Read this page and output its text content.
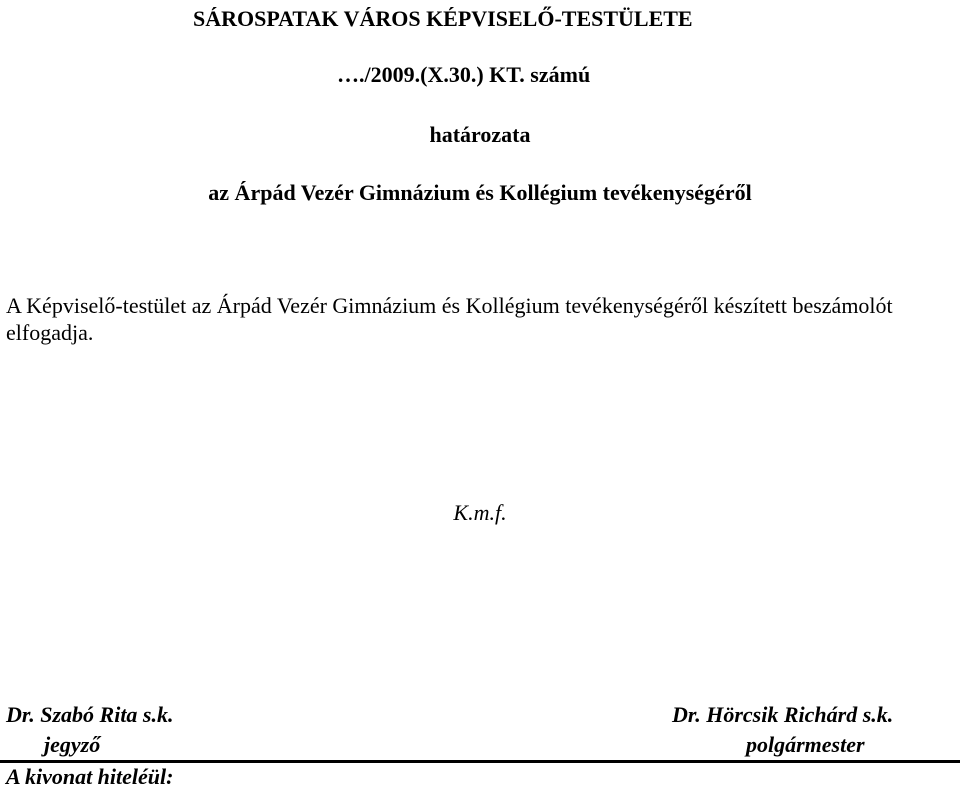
SÁROSPATAK VÁROS KÉPVISELŐ-TESTÜLETE
…./2009.(X.30.) KT. számú
határozata
az Árpád Vezér Gimnázium és Kollégium tevékenységéről
A Képviselő-testület az Árpád Vezér Gimnázium és Kollégium tevékenységéről készített beszámolót elfogadja.
K.m.f.
Dr. Szabó Rita s.k.
jegyző
Dr. Hörcsik Richárd s.k.
polgármester
A kivonat hiteléül:
